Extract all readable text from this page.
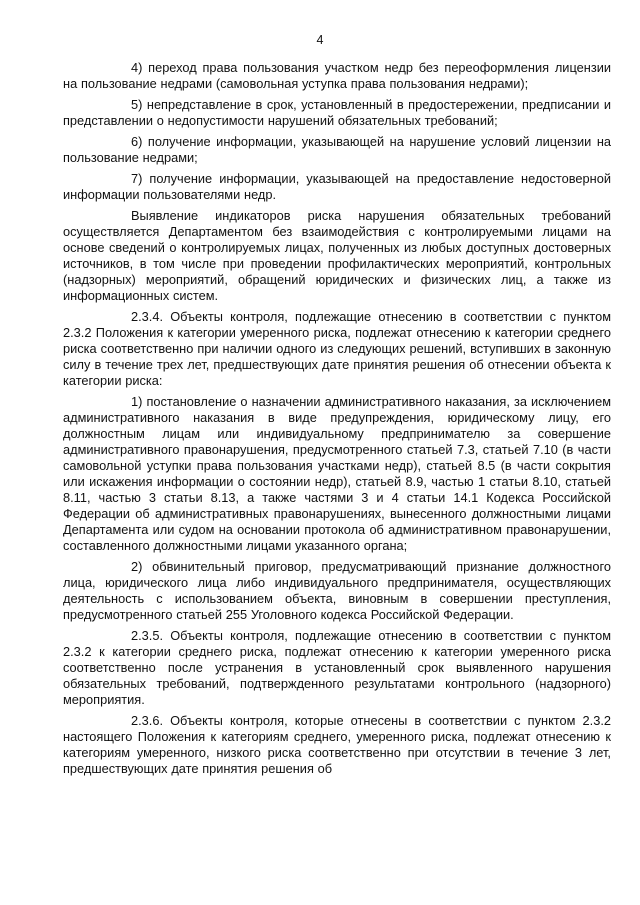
4

4) переход права пользования участком недр без переоформления лицензии на пользование недрами (самовольная уступка права пользования недрами);

5) непредставление в срок, установленный в предостережении, предписании и представлении о недопустимости нарушений обязательных требований;

6) получение информации, указывающей на нарушение условий лицензии на пользование недрами;

7) получение информации, указывающей на предоставление недостоверной информации пользователями недр.

Выявление индикаторов риска нарушения обязательных требований осуществляется Департаментом без взаимодействия с контролируемыми лицами на основе сведений о контролируемых лицах, полученных из любых доступных достоверных источников, в том числе при проведении профилактических мероприятий, контрольных (надзорных) мероприятий, обращений юридических и физических лиц, а также из информационных систем.

2.3.4. Объекты контроля, подлежащие отнесению в соответствии с пунктом 2.3.2 Положения к категории умеренного риска, подлежат отнесению к категории среднего риска соответственно при наличии одного из следующих решений, вступивших в законную силу в течение трех лет, предшествующих дате принятия решения об отнесении объекта к категории риска:

1) постановление о назначении административного наказания, за исключением административного наказания в виде предупреждения, юридическому лицу, его должностным лицам или индивидуальному предпринимателю за совершение административного правонарушения, предусмотренного статьей 7.3, статьей 7.10 (в части самовольной уступки права пользования участками недр), статьей 8.5 (в части сокрытия или искажения информации о состоянии недр), статьей 8.9, частью 1 статьи 8.10, статьей 8.11, частью 3 статьи 8.13, а также частями 3 и 4 статьи 14.1 Кодекса Российской Федерации об административных правонарушениях, вынесенного должностными лицами Департамента или судом на основании протокола об административном правонарушении, составленного должностными лицами указанного органа;

2) обвинительный приговор, предусматривающий признание должностного лица, юридического лица либо индивидуального предпринимателя, осуществляющих деятельность с использованием объекта, виновным в совершении преступления, предусмотренного статьей 255 Уголовного кодекса Российской Федерации.

2.3.5. Объекты контроля, подлежащие отнесению в соответствии с пунктом 2.3.2 к категории среднего риска, подлежат отнесению к категории умеренного риска соответственно после устранения в установленный срок выявленного нарушения обязательных требований, подтвержденного результатами контрольного (надзорного) мероприятия.

2.3.6. Объекты контроля, которые отнесены в соответствии с пунктом 2.3.2 настоящего Положения к категориям среднего, умеренного риска, подлежат отнесению к категориям умеренного, низкого риска соответственно при отсутствии в течение 3 лет, предшествующих дате принятия решения об
